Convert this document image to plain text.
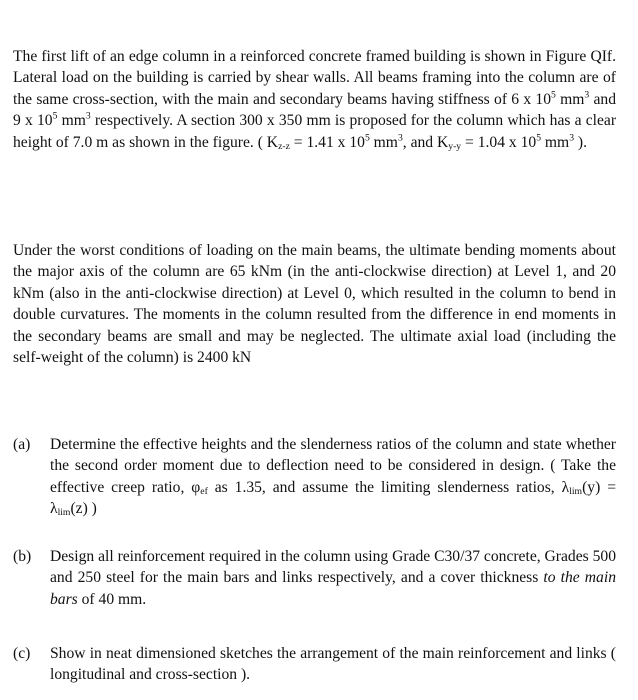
The first lift of an edge column in a reinforced concrete framed building is shown in Figure QIf. Lateral load on the building is carried by shear walls. All beams framing into the column are of the same cross-section, with the main and secondary beams having stiffness of 6 x $10^5$ $mm^3$ and 9 x $10^5$ $mm^3$ respectively. A section 300 x 350 mm is proposed for the column which has a clear height of 7.0 m as shown in the figure. ( $K_{z-z} = 1.41$ x $10^5$ $mm^3$, and $K_{y-y} = 1.04$ x $10^5$ $mm^3$ ).

Under the worst conditions of loading on the main beams, the ultimate bending moments about the major axis of the column are 65 kNm (in the anti-clockwise direction) at Level 1, and 20 kNm (also in the anti-clockwise direction) at Level 0, which resulted in the column to bend in double curvatures. The moments in the column resulted from the difference in end moments in the secondary beams are small and may be neglected. The ultimate axial load (including the self-weight of the column) is 2400 kN

(a)	Determine the effective heights and the slenderness ratios of the column and state whether the second order moment due to deflection need to be considered in design. ( Take the effective creep ratio, $\varphi_{ef}$ as 1.35, and assume the limiting slenderness ratios, $\lambda_{lim}(y) = \lambda_{lim}(z)$ )
(b)	Design all reinforcement required in the column using Grade C30/37 concrete, Grades 500 and 250 steel for the main bars and links respectively, and a cover thickness to the main bars of 40 mm.
(c)	Show in neat dimensioned sketches the arrangement of the main reinforcement and links ( longitudinal and cross-section ).
